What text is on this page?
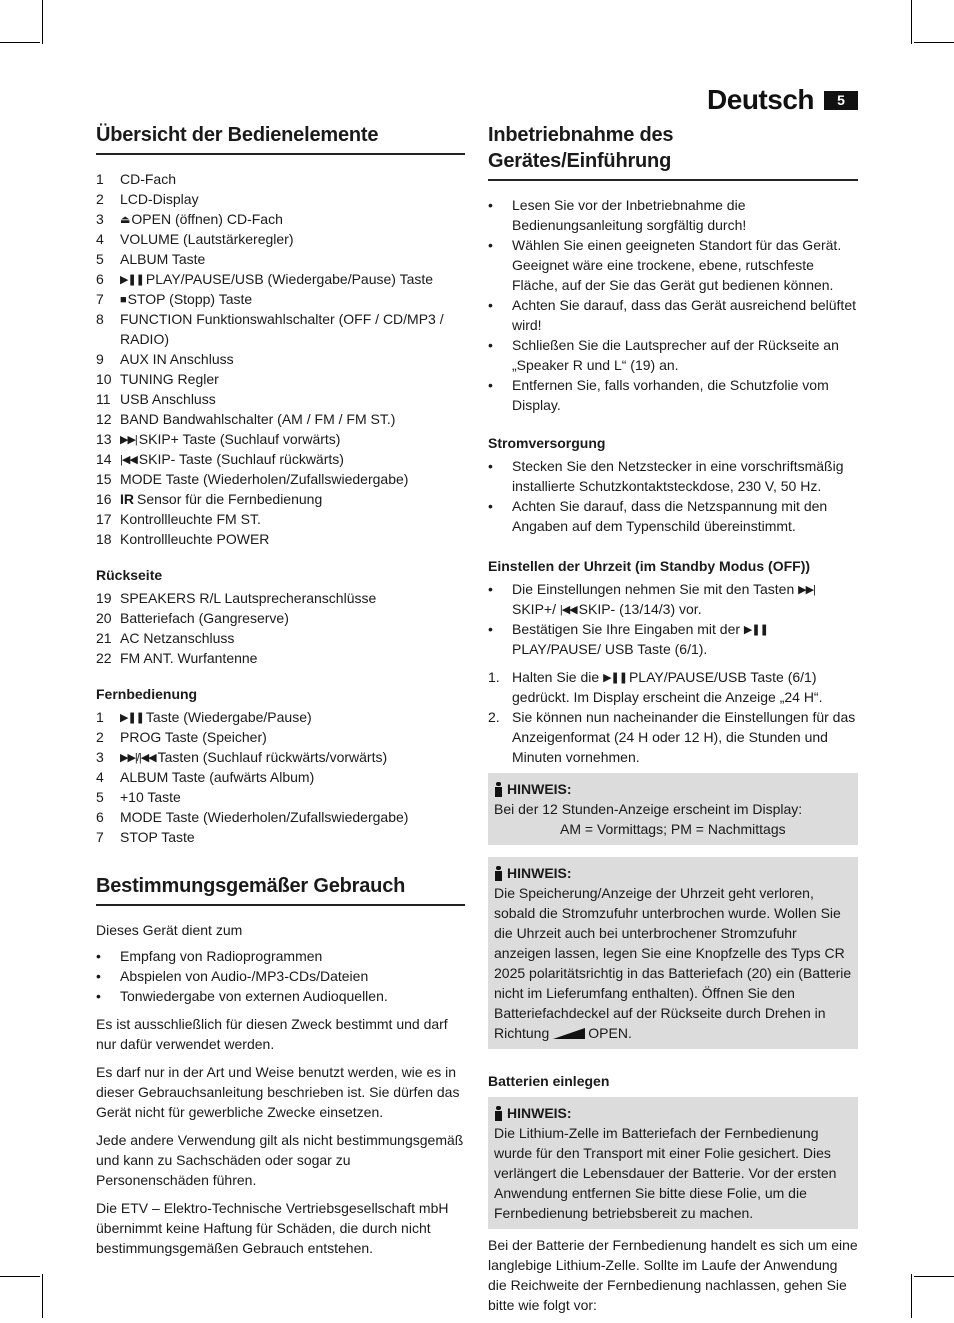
Deutsch	5
Übersicht der Bedienelemente
1	CD-Fach
2	LCD-Display
3	⏏ OPEN (öffnen) CD-Fach
4	VOLUME (Lautstärkeregler)
5	ALBUM Taste
6	▶❚❚ PLAY/PAUSE/USB (Wiedergabe/Pause) Taste
7	■ STOP (Stopp) Taste
8	FUNCTION Funktionswahlschalter (OFF / CD/MP3 / RADIO)
9	AUX IN Anschluss
10 TUNING Regler
11 USB Anschluss
12 BAND Bandwahlschalter (AM / FM / FM ST.)
13 ▶▶| SKIP+ Taste (Suchlauf vorwärts)
14 |◀◀ SKIP- Taste (Suchlauf rückwärts)
15 MODE Taste (Wiederholen/Zufallswiedergabe)
16 IR Sensor für die Fernbedienung
17 Kontrollleuchte FM ST.
18 Kontrollleuchte POWER
Rückseite
19 SPEAKERS R/L Lautsprecheranschlüsse
20 Batteriefach (Gangreserve)
21 AC Netzanschluss
22 FM ANT. Wurfantenne
Fernbedienung
1	▶❚❚ Taste (Wiedergabe/Pause)
2	PROG Taste (Speicher)
3	▶▶|/|◀◀ Tasten (Suchlauf rückwärts/vorwärts)
4	ALBUM Taste (aufwärts Album)
5	+10 Taste
6	MODE Taste (Wiederholen/Zufallswiedergabe)
7	STOP Taste
Bestimmungsgemäßer Gebrauch

Dieses Gerät dient zum

•	Empfang von Radioprogrammen
•	Abspielen von Audio-/MP3-CDs/Dateien
•	Tonwiedergabe von externen Audioquellen.

Es ist ausschließlich für diesen Zweck bestimmt und darf nur dafür verwendet werden.

Es darf nur in der Art und Weise benutzt werden, wie es in dieser Gebrauchsanleitung beschrieben ist. Sie dürfen das Gerät nicht für gewerbliche Zwecke einsetzen.

Jede andere Verwendung gilt als nicht bestimmungsgemäß und kann zu Sachschäden oder sogar zu Personenschäden führen.

Die ETV – Elektro-Technische Vertriebsgesellschaft mbH übernimmt keine Haftung für Schäden, die durch nicht bestimmungsgemäßen Gebrauch entstehen.

Inbetriebnahme des Gerätes/Einführung
•	Lesen Sie vor der Inbetriebnahme die Bedienungsanleitung sorgfältig durch!
•	Wählen Sie einen geeigneten Standort für das Gerät. Geeignet wäre eine trockene, ebene, rutschfeste Fläche, auf der Sie das Gerät gut bedienen können.
•	Achten Sie darauf, dass das Gerät ausreichend belüftet wird!
•	Schließen Sie die Lautsprecher auf der Rückseite an „Speaker R und L“ (19) an.
•	Entfernen Sie, falls vorhanden, die Schutzfolie vom Display.
Stromversorgung
•	Stecken Sie den Netzstecker in eine vorschriftsmäßig installierte Schutzkontaktsteckdose, 230 V, 50 Hz.
•	Achten Sie darauf, dass die Netzspannung mit den Angaben auf dem Typenschild übereinstimmt.
Einstellen der Uhrzeit (im Standby Modus (OFF))
•	Die Einstellungen nehmen Sie mit den Tasten ▶▶|SKIP+/ |◀◀ SKIP- (13/14/3) vor.
•	Bestätigen Sie Ihre Eingaben mit der ▶❚❚PLAY/PAUSE/ USB Taste (6/1).
1. Halten Sie die ▶❚❚ PLAY/PAUSE/USB Taste (6/1) gedrückt. Im Display erscheint die Anzeige „24 H“.
2. Sie können nun nacheinander die Einstellungen für das Anzeigenformat (24 H oder 12 H), die Stunden und Minuten vornehmen.
HINWEIS:
Bei der 12 Stunden-Anzeige erscheint im Display:
AM = Vormittags; PM = Nachmittags
HINWEIS:
Die Speicherung/Anzeige der Uhrzeit geht verloren, sobald die Stromzufuhr unterbrochen wurde. Wollen Sie die Uhrzeit auch bei unterbrochener Stromzufuhr anzeigen lassen, legen Sie eine Knopfzelle des Typs CR 2025 polaritätsrichtig in das Batteriefach (20) ein (Batterie nicht im Lieferumfang enthalten). Öffnen Sie den Batteriefachdeckel auf der Rückseite durch Drehen in Richtung	OPEN.
Batterien einlegen
HINWEIS:
Die Lithium-Zelle im Batteriefach der Fernbedienung wurde für den Transport mit einer Folie gesichert. Dies verlängert die Lebensdauer der Batterie. Vor der ersten Anwendung entfernen Sie bitte diese Folie, um die Fernbedienung betriebsbereit zu machen.

Bei der Batterie der Fernbedienung handelt es sich um eine langlebige Lithium-Zelle. Sollte im Laufe der Anwendung die Reichweite der Fernbedienung nachlassen, gehen Sie bitte wie folgt vor:
